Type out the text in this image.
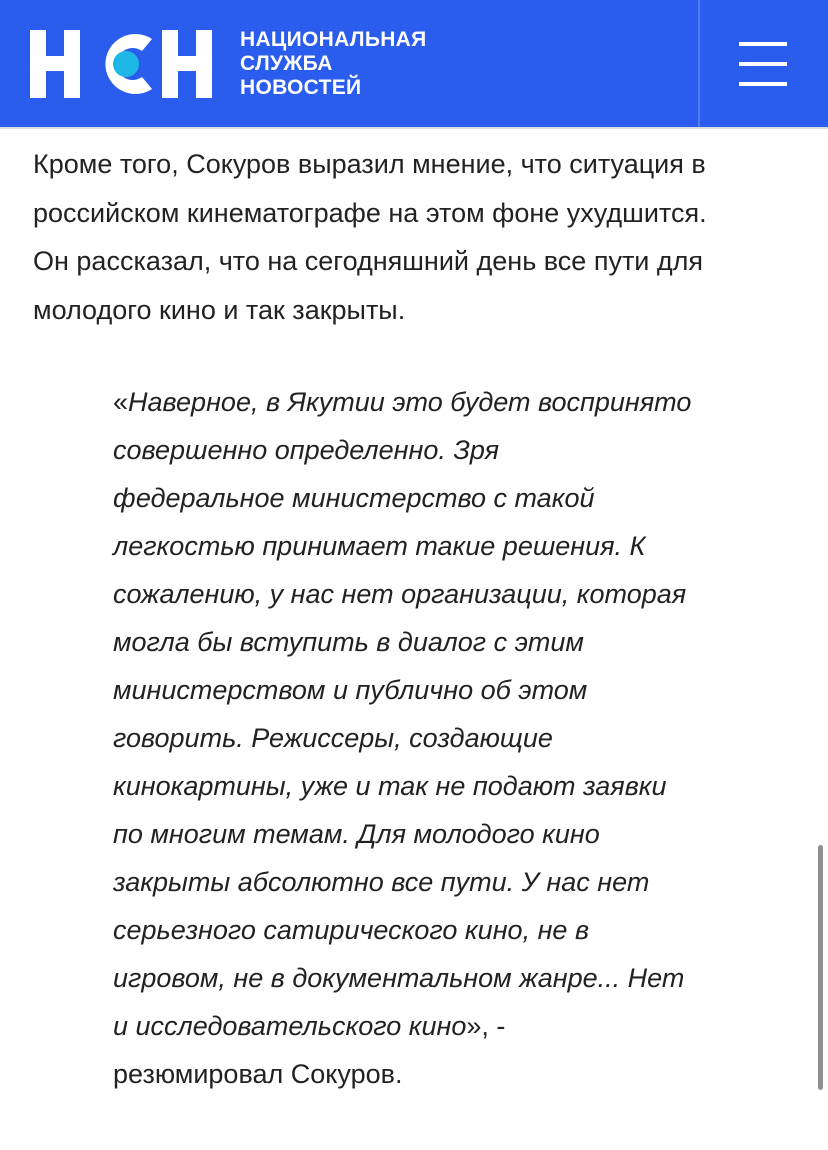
НАЦИОНАЛЬНАЯ
СЛУЖБА
НОВОСТЕЙ

Кроме того, Сокуров выразил мнение, что ситуация в
российском кинематографе на этом фоне ухудшится.
Он рассказал, что на сегодняшний день все пути для
молодого кино и так закрыты.

«Наверное, в Якутии это будет воспринято
совершенно определенно. Зря
федеральное министерство с такой
легкостью принимает такие решения. К
сожалению, у нас нет организации, которая
могла бы вступить в диалог с этим
министерством и публично об этом
говорить. Режиссеры, создающие
кинокартины, уже и так не подают заявки
по многим темам. Для молодого кино
закрыты абсолютно все пути. У нас нет
серьезного сатирического кино, не в
игровом, не в документальном жанре... Нет
и исследовательского кино», -
резюмировал Сокуров.
